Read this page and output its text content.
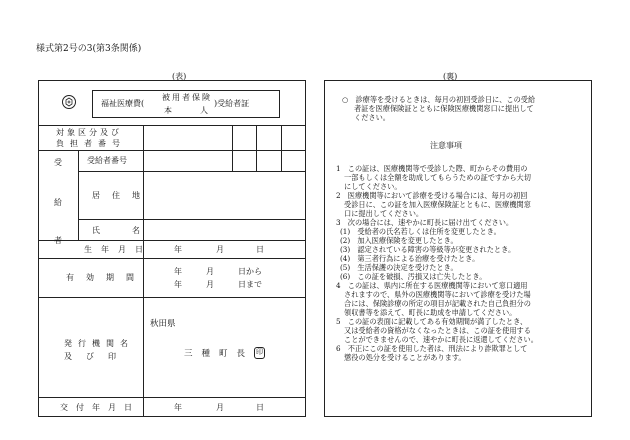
様式第2号の3(第3条関係)
(表)	(裏)
福祉医療費(
被用者保険
本	人
)受給者証
対象区分及び
負担者番号
受
給
者
受給者番号
居住地
氏名
生年月日	年	月	日
有効期間
年	月	日から
年	月	日まで
発行機関名
及び印
秋田県
三種町長 印
交付年月日	年	月	日
○　診療等を受けるときは、毎月の初回受診日に、この受給
者証を医療保険証とともに保険医療機関窓口に提出して
ください。
注意事項
1　この証は、医療機関等で受診した際、町からその費用の
一部もしくは全額を助成してもらうための証ですから大切
にしてください。
2　医療機関等において診療を受ける場合には、毎月の初回
受診日に、この証を加入医療保険証とともに、医療機関窓
口に提出してください。
3　次の場合には、速やかに町長に届け出てください。
(1)　受給者の氏名若しくは住所を変更したとき。
(2)　加入医療保険を変更したとき。
(3)　認定されている障害の等級等が変更されたとき。
(4)　第三者行為による治療を受けたとき。
(5)　生活保護の決定を受けたとき。
(6)　この証を破損、汚損又は亡失したとき。
4　この証は、県内に所在する医療機関等において窓口適用
されますので、県外の医療機関等において診療を受けた場
合には、保険診療の所定の項目が記載された自己負担分の
領収書等を添えて、町長に助成を申請してください。
5　この証の表面に記載してある有効期間が満了したとき、
又は受給者の資格がなくなったときは、この証を使用する
ことができませんので、速やかに町長に返還してください。
6　不正にこの証を使用した者は、刑法により詐欺罪として
懲役の処分を受けることがあります。
